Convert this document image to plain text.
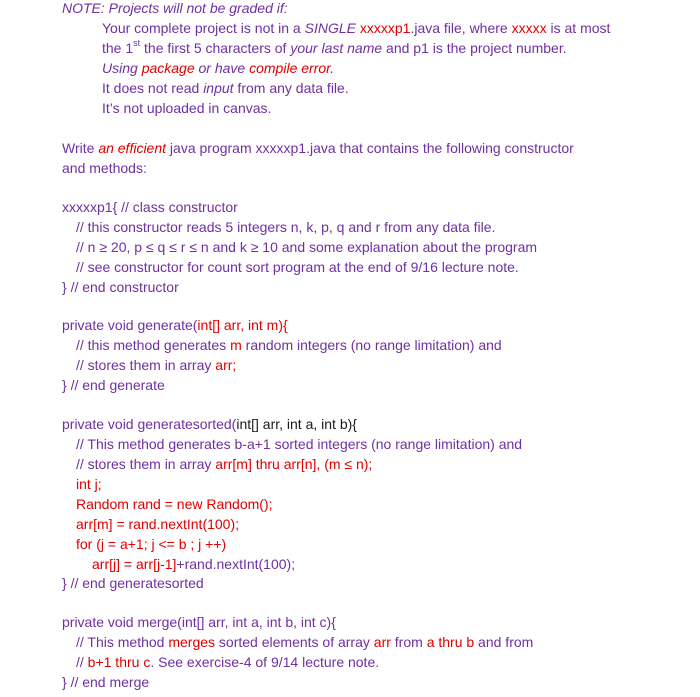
NOTE: Projects will not be graded if:
Your complete project is not in a SINGLE xxxxxp1.java file, where xxxxx is at most
the 1st the first 5 characters of your last name and p1 is the project number.
Using package or have compile error.
It does not read input from any data file.
It’s not uploaded in canvas.
Write an efficient java program xxxxxp1.java that contains the following constructor
and methods:
xxxxxp1{ // class constructor
// this constructor reads 5 integers n, k, p, q and r from any data file.
// n ≥ 20, p ≤ q ≤ r ≤ n and k ≥ 10 and some explanation about the program
// see constructor for count sort program at the end of 9/16 lecture note.
} // end constructor
private void generate(int[] arr, int m){
// this method generates m random integers (no range limitation) and
// stores them in array arr;
} // end generate
private void generatesorted(int[] arr, int a, int b){
// This method generates b-a+1 sorted integers (no range limitation) and
// stores them in array arr[m] thru arr[n], (m ≤ n);
int j;
Random rand = new Random();
arr[m] = rand.nextInt(100);
for (j = a+1; j <= b ; j ++)
arr[j] = arr[j-1]+rand.nextInt(100);
} // end generatesorted
private void merge(int[] arr, int a, int b, int c){
// This method merges sorted elements of array arr from a thru b and from
// b+1 thru c. See exercise-4 of 9/14 lecture note.
} // end merge
